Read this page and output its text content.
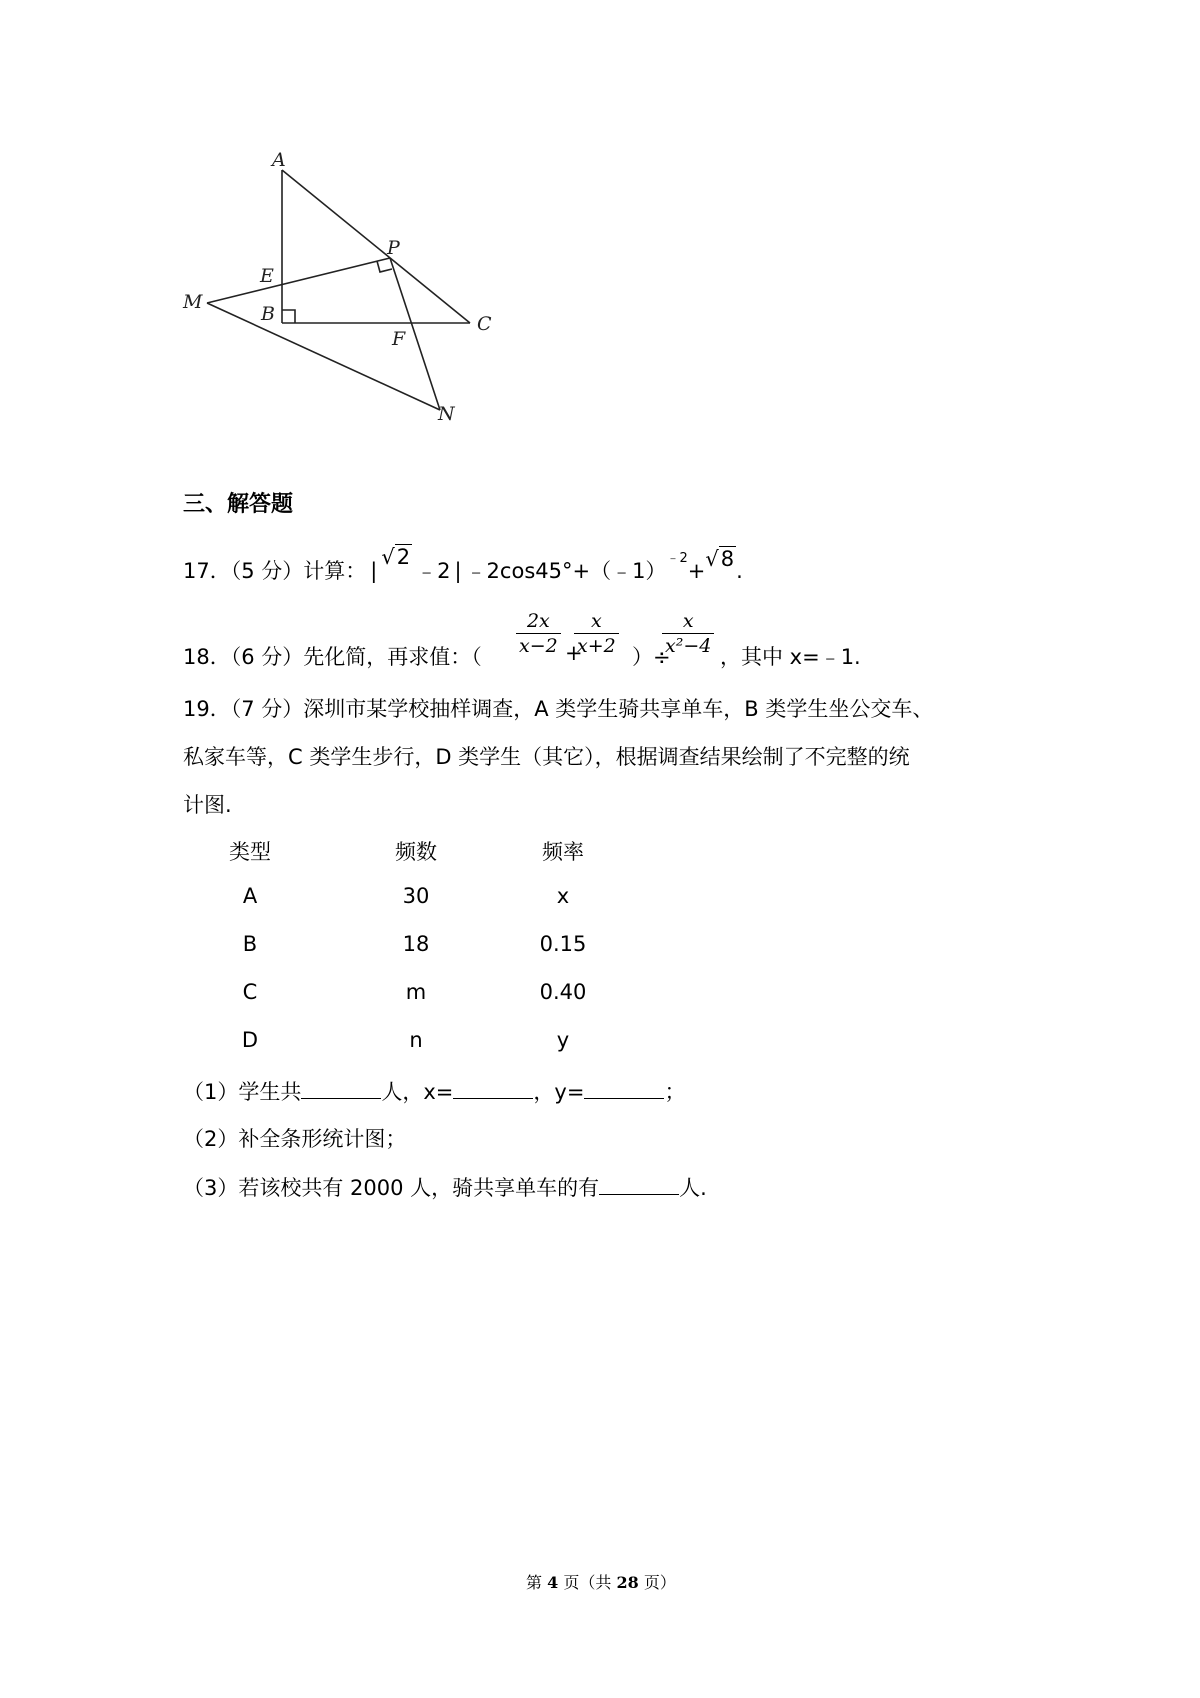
A
P
E
M
B	C
F
N
三、解答题
17．（5 分）计算： |√2﹣2 | ﹣2cos45°+（﹣1）$^{﹣2}$+√8.
18．（6 分）先化简，再求值：（ $\frac{2x}{x-2}$ +
$\frac{x}{x+2}$ ）÷
$\frac{x}{\text{x²−4}}$ ，其中 x=﹣1.
19．（7 分）深圳市某学校抽样调查，A 类学生骑共享单车，B 类学生坐公交车、
私家车等，C 类学生步行，D 类学生（其它），根据调查结果绘制了不完整的统
计图.
类型	频数	频率
A	30	x
B	18	0.15
C	m	0.40
D	n	y
（1）学生共	人，x=	，y=	；
（2）补全条形统计图；
（3）若该校共有 2000 人，骑共享单车的有	人.
第 4 页（共 28 页）
